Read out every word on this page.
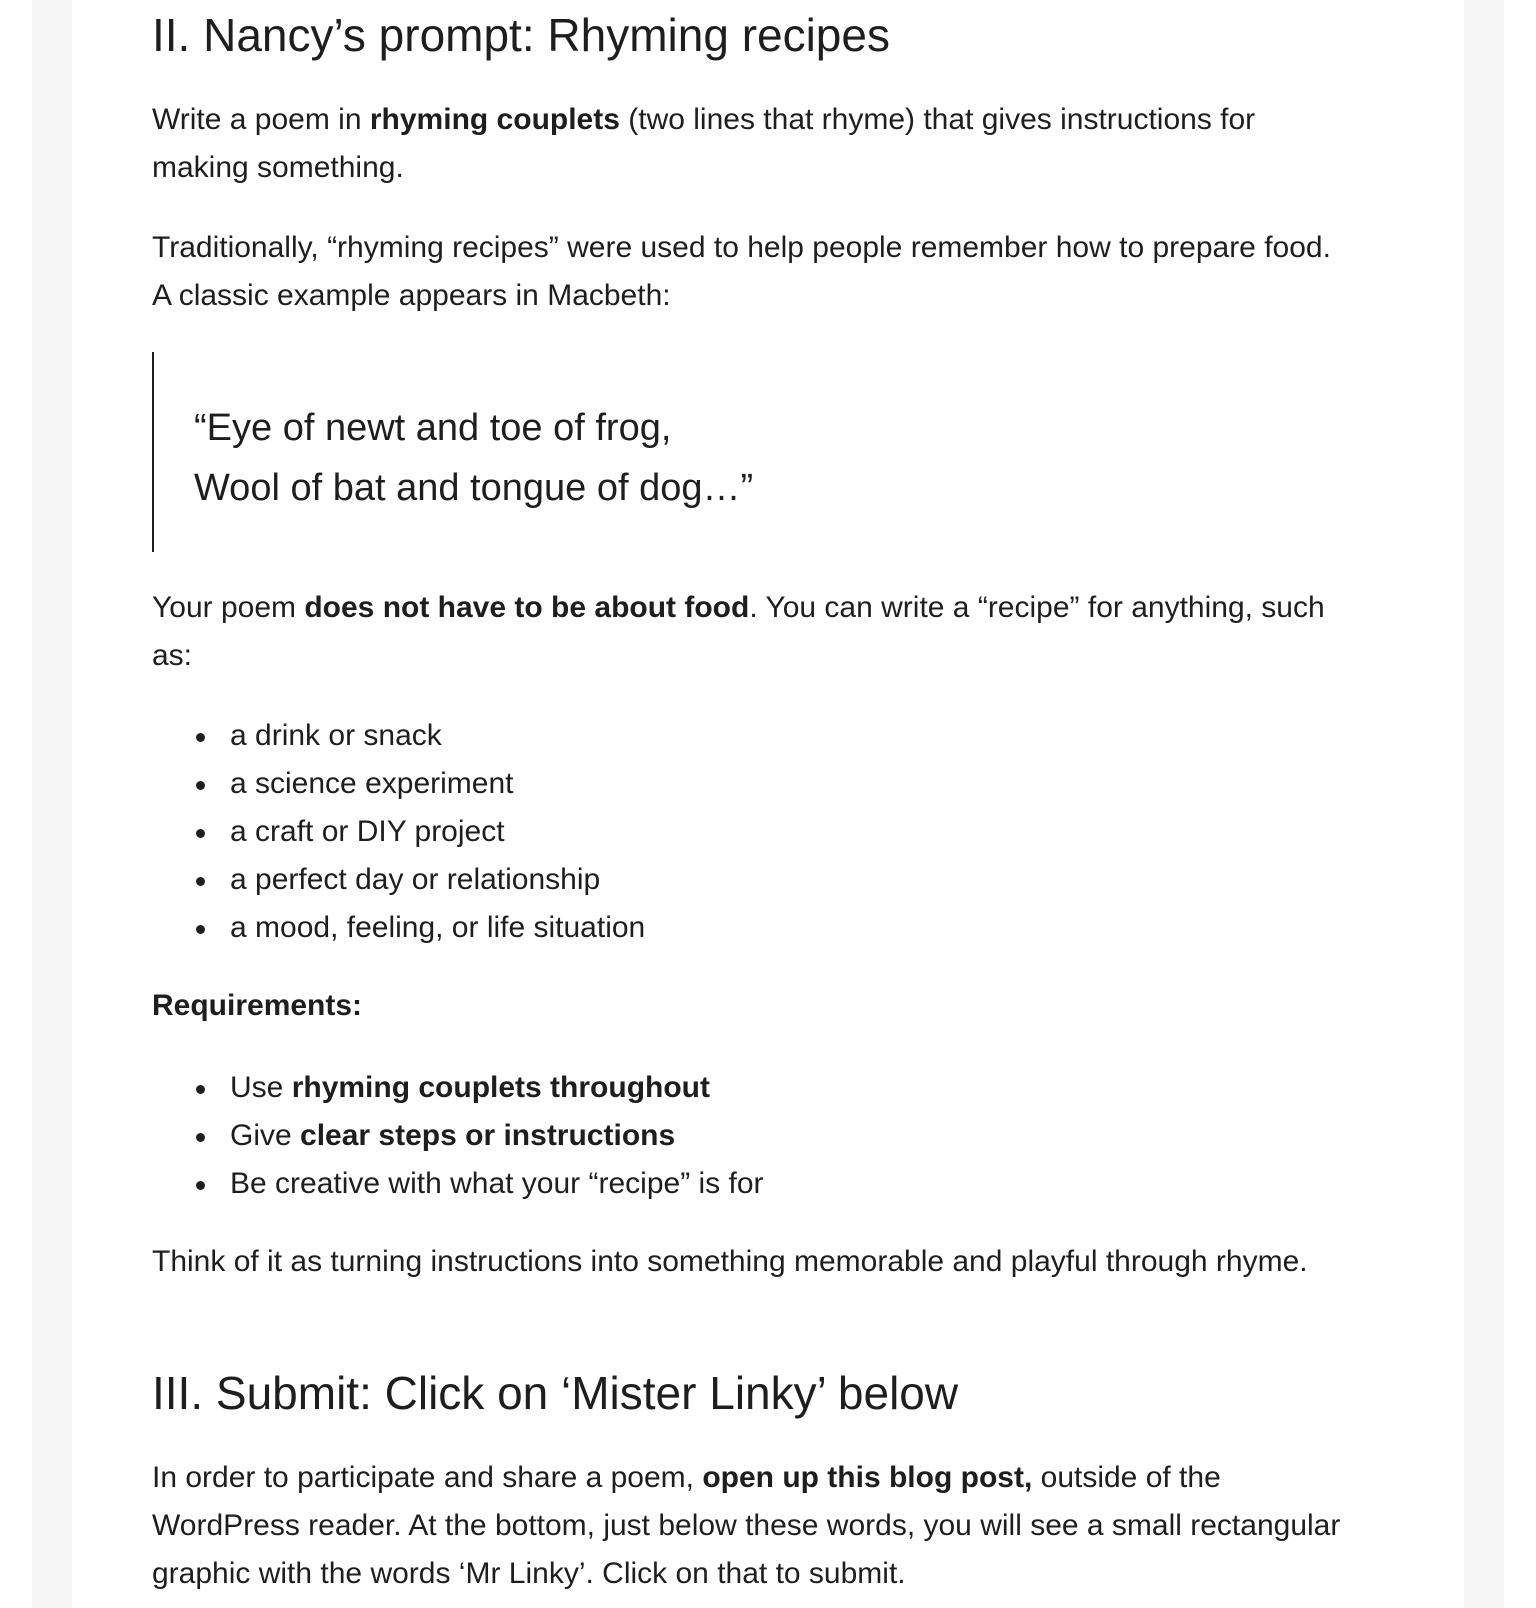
II. Nancy’s prompt: Rhyming recipes

Write a poem in rhyming couplets (two lines that rhyme) that gives instructions for making something.

Traditionally, “rhyming recipes” were used to help people remember how to prepare food. A classic example appears in Macbeth:

“Eye of newt and toe of frog,
Wool of bat and tongue of dog…”

Your poem does not have to be about food. You can write a “recipe” for anything, such as:

a drink or snack
a science experiment
a craft or DIY project
a perfect day or relationship
a mood, feeling, or life situation

Requirements:

Use rhyming couplets throughout
Give clear steps or instructions
Be creative with what your “recipe” is for

Think of it as turning instructions into something memorable and playful through rhyme.

III. Submit: Click on ‘Mister Linky’ below

In order to participate and share a poem, open up this blog post, outside of the WordPress reader. At the bottom, just below these words, you will see a small rectangular graphic with the words ‘Mr Linky’. Click on that to submit.
